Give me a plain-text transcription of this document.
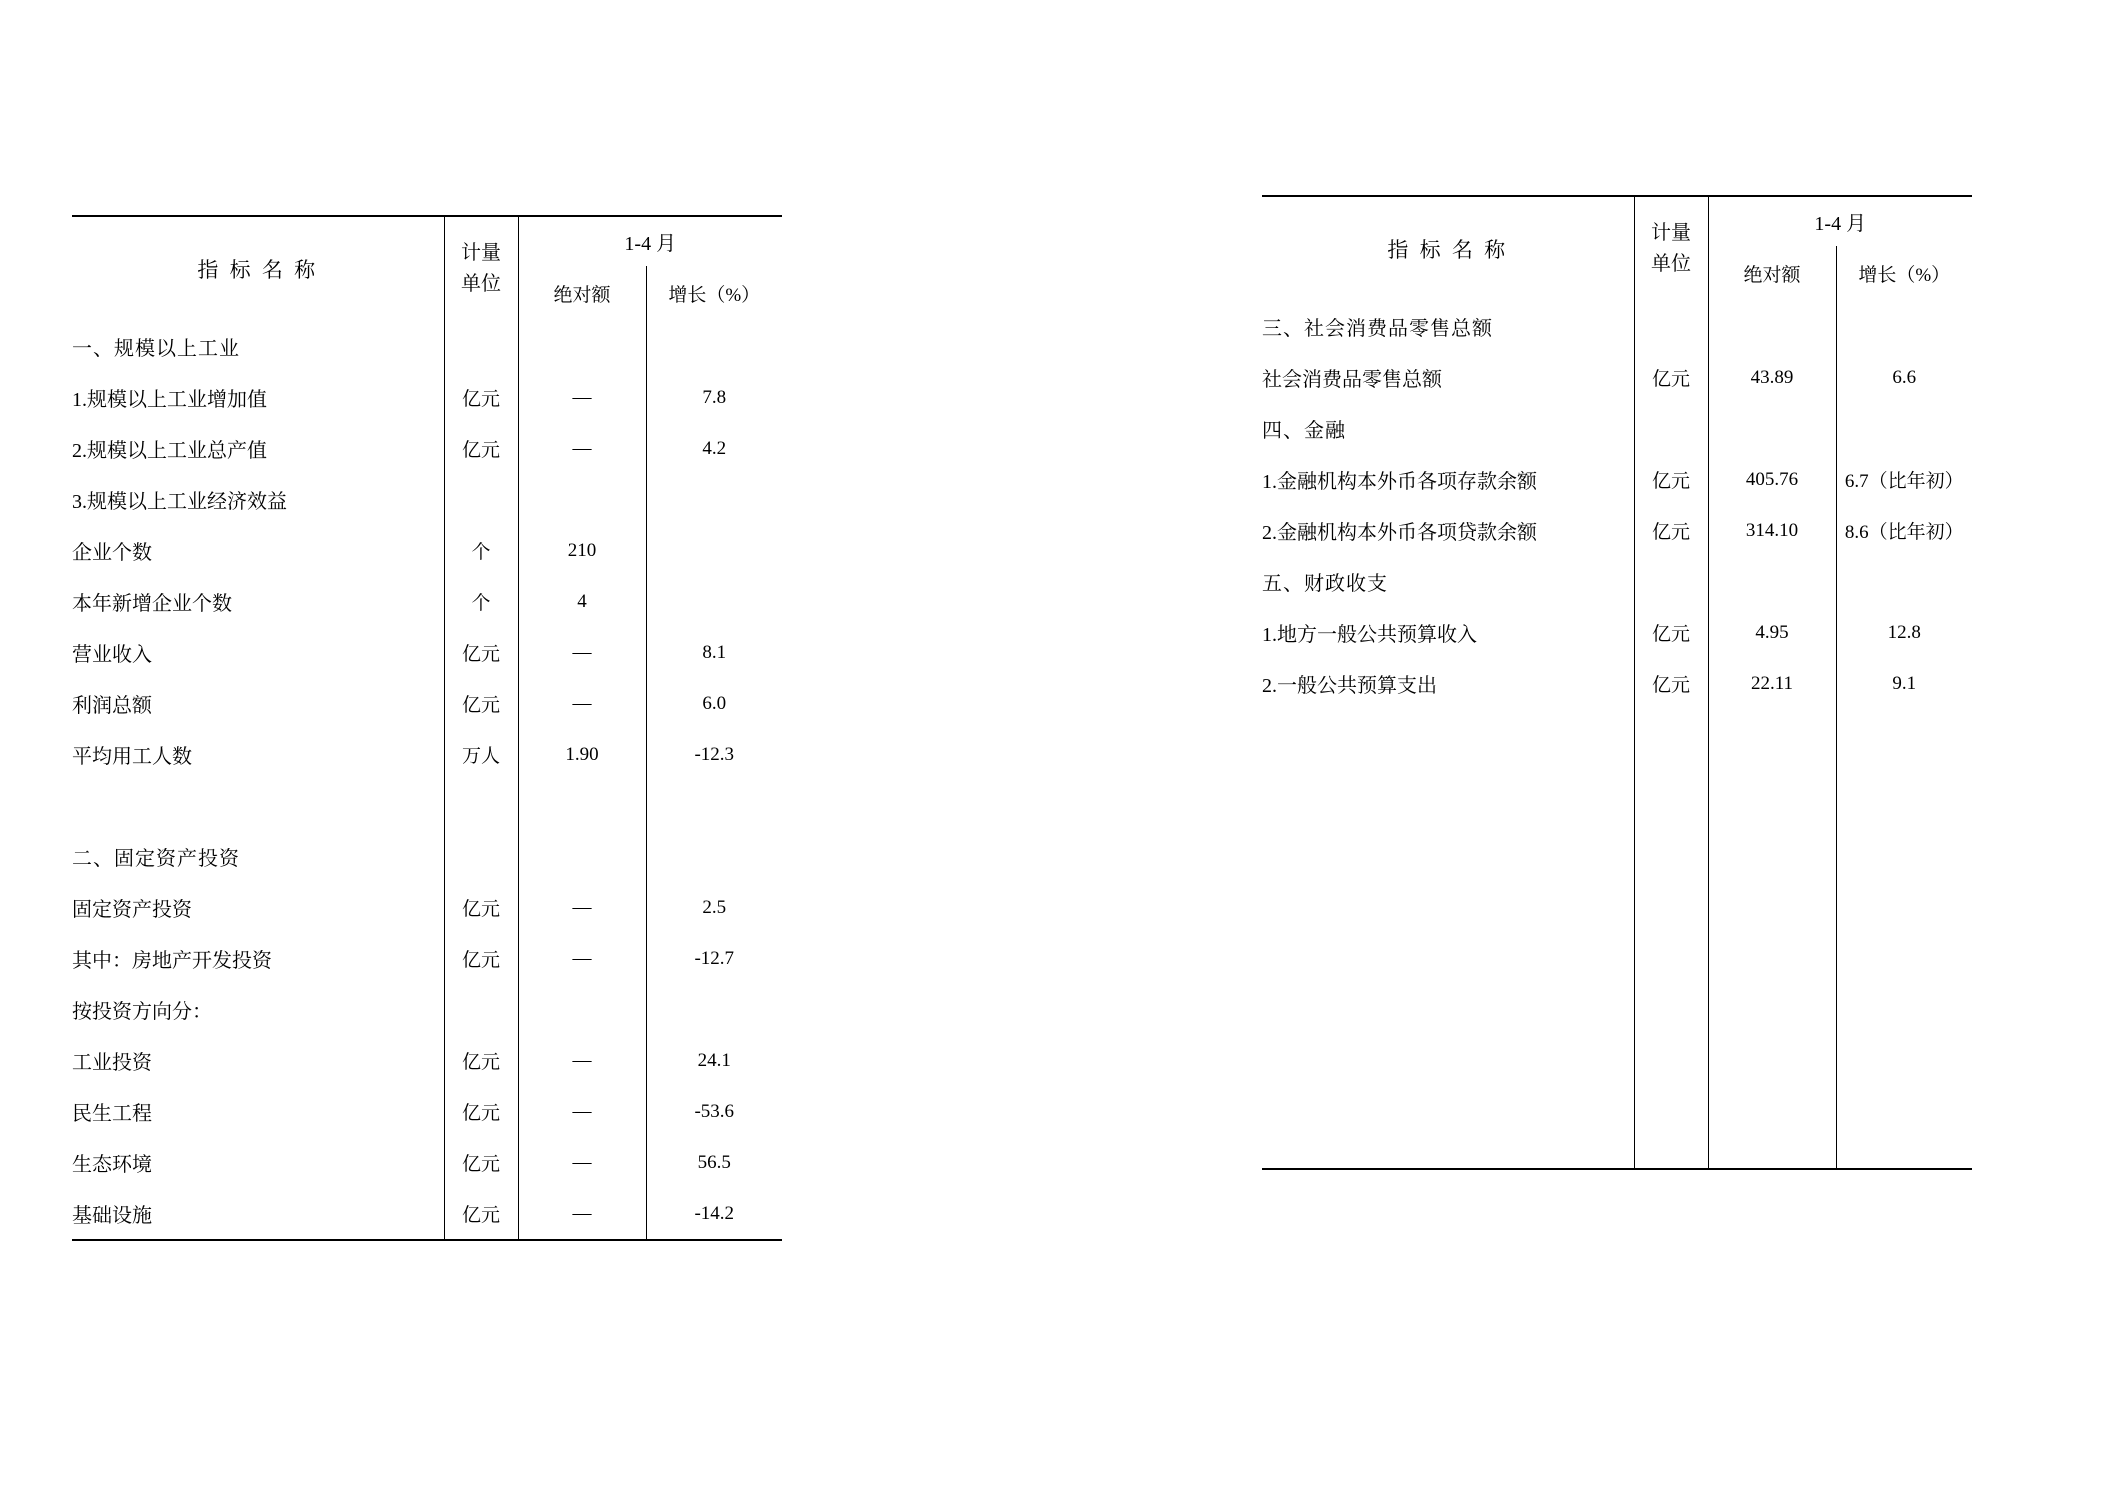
指 标 名 称	计量
单位	1-4 月	
		绝对额	增长（%）
一、规模以上工业			
1.规模以上工业增加值	亿元	—	7.8
2.规模以上工业总产值	亿元	—	4.2
3.规模以上工业经济效益			
企业个数	个	210	
本年新增企业个数	个	4	
营业收入	亿元	—	8.1
利润总额	亿元	—	6.0
平均用工人数	万人	1.90	-12.3

二、固定资产投资			
固定资产投资	亿元	—	2.5
其中：房地产开发投资	亿元	—	-12.7
按投资方向分：			
工业投资	亿元	—	24.1
民生工程	亿元	—	-53.6
生态环境	亿元	—	56.5
基础设施	亿元	—	-14.2
指 标 名 称	计量
单位	1-4 月	
		绝对额	增长（%）
三、社会消费品零售总额			
社会消费品零售总额	亿元	43.89	6.6
四、金融			
1.金融机构本外币各项存款余额	亿元	405.76	6.7（比年初）
2.金融机构本外币各项贷款余额	亿元	314.10	8.6（比年初）
五、财政收支			
1.地方一般公共预算收入	亿元	4.95	12.8
2.一般公共预算支出	亿元	22.11	9.1
